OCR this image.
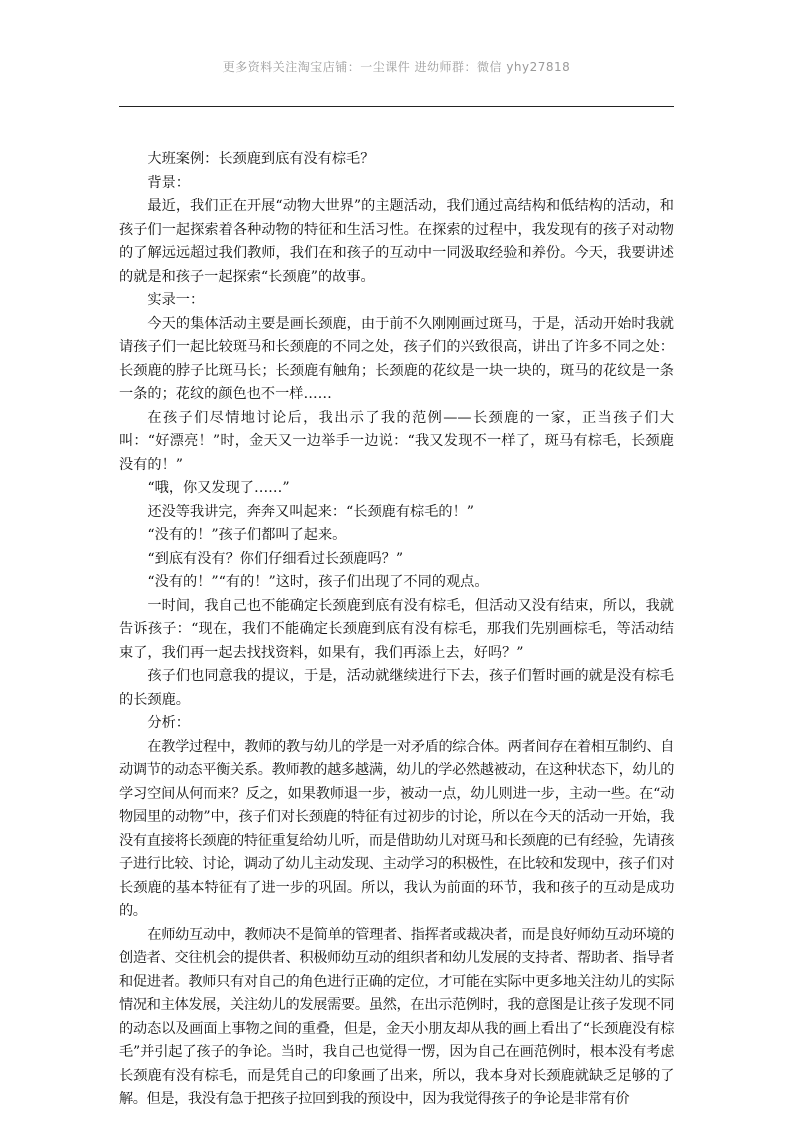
更多资料关注淘宝店铺：一尘课件 进幼师群：微信 yhy27818

大班案例：长颈鹿到底有没有棕毛？

背景：

最近，我们正在开展“动物大世界”的主题活动，我们通过高结构和低结构的活动，和孩子们一起探索着各种动物的特征和生活习性。在探索的过程中，我发现有的孩子对动物的了解远远超过我们教师，我们在和孩子的互动中一同汲取经验和养份。今天，我要讲述的就是和孩子一起探索“长颈鹿”的故事。

实录一：

今天的集体活动主要是画长颈鹿，由于前不久刚刚画过斑马，于是，活动开始时我就请孩子们一起比较斑马和长颈鹿的不同之处，孩子们的兴致很高，讲出了许多不同之处：长颈鹿的脖子比斑马长；长颈鹿有触角；长颈鹿的花纹是一块一块的，斑马的花纹是一条一条的；花纹的颜色也不一样……

在孩子们尽情地讨论后，我出示了我的范例——长颈鹿的一家，正当孩子们大叫：“好漂亮！”时，金天又一边举手一边说：“我又发现不一样了，斑马有棕毛，长颈鹿没有的！”

“哦，你又发现了……”

还没等我讲完，奔奔又叫起来：“长颈鹿有棕毛的！”

“没有的！”孩子们都叫了起来。

“到底有没有？你们仔细看过长颈鹿吗？”

“没有的！”“有的！”这时，孩子们出现了不同的观点。

一时间，我自己也不能确定长颈鹿到底有没有棕毛，但活动又没有结束，所以，我就告诉孩子：“现在，我们不能确定长颈鹿到底有没有棕毛，那我们先别画棕毛，等活动结束了，我们再一起去找找资料，如果有，我们再添上去，好吗？”

孩子们也同意我的提议，于是，活动就继续进行下去，孩子们暂时画的就是没有棕毛的长颈鹿。

分析：

在教学过程中，教师的教与幼儿的学是一对矛盾的综合体。两者间存在着相互制约、自动调节的动态平衡关系。教师教的越多越满，幼儿的学必然越被动，在这种状态下，幼儿的学习空间从何而来？反之，如果教师退一步，被动一点，幼儿则进一步，主动一些。在“动物园里的动物”中，孩子们对长颈鹿的特征有过初步的讨论，所以在今天的活动一开始，我没有直接将长颈鹿的特征重复给幼儿听，而是借助幼儿对斑马和长颈鹿的已有经验，先请孩子进行比较、讨论，调动了幼儿主动发现、主动学习的积极性，在比较和发现中，孩子们对长颈鹿的基本特征有了进一步的巩固。所以，我认为前面的环节，我和孩子的互动是成功的。

在师幼互动中，教师决不是简单的管理者、指挥者或裁决者，而是良好师幼互动环境的创造者、交往机会的提供者、积极师幼互动的组织者和幼儿发展的支持者、帮助者、指导者和促进者。教师只有对自己的角色进行正确的定位，才可能在实际中更多地关注幼儿的实际情况和主体发展，关注幼儿的发展需要。虽然，在出示范例时，我的意图是让孩子发现不同的动态以及画面上事物之间的重叠，但是，金天小朋友却从我的画上看出了“长颈鹿没有棕毛”并引起了孩子的争论。当时，我自己也觉得一愣，因为自己在画范例时，根本没有考虑长颈鹿有没有棕毛，而是凭自己的印象画了出来，所以，我本身对长颈鹿就缺乏足够的了解。但是，我没有急于把孩子拉回到我的预设中，因为我觉得孩子的争论是非常有价
